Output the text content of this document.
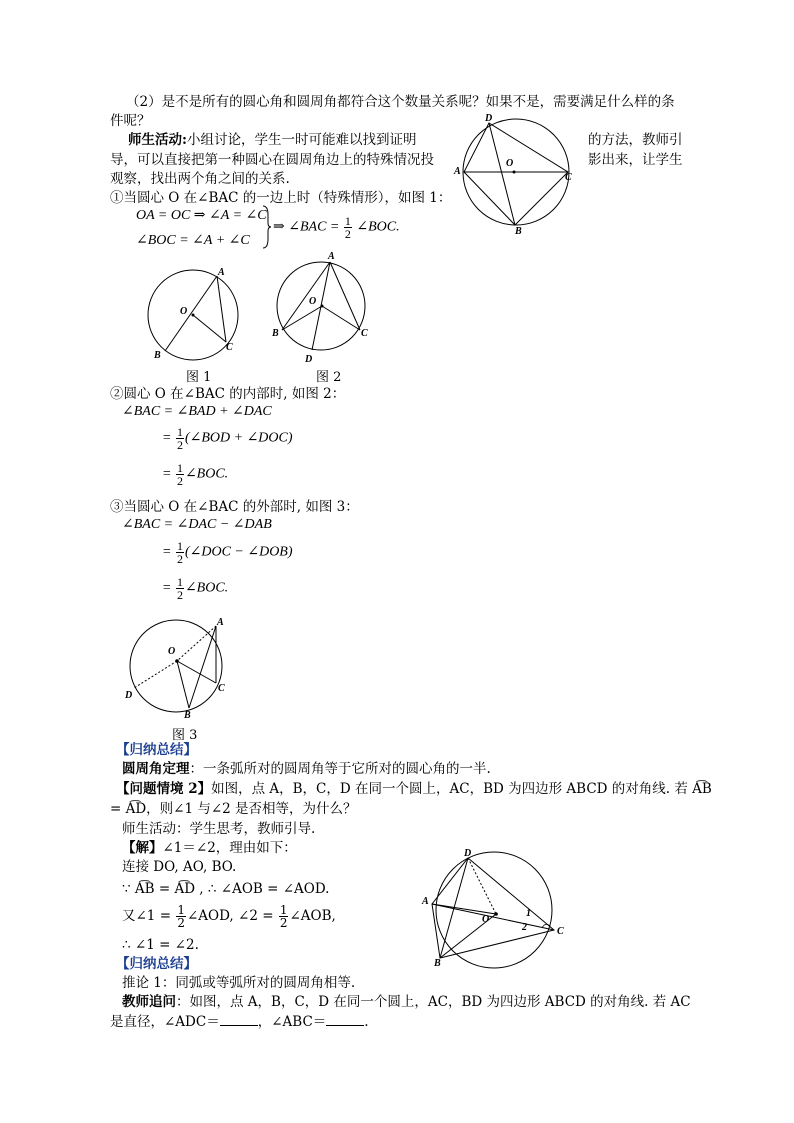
（2）是不是所有的圆心角和圆周角都符合这个数量关系呢？如果不是，需要满足什么样的条
件呢？
师生活动:小组讨论，学生一时可能难以找到证明	的方法，教师引
导，可以直接把第一种圆心在圆周角边上的特殊情况投	影出来，让学生
观察，找出两个角之间的关系.
D
A
C
B
O
①当圆心 O 在∠BAC 的一边上时（特殊情形），如图 1：
OA = OC ⇒ ∠A = ∠C
∠BOC = ∠A + ∠C
⇒ ∠BAC = $\frac{1}{2}$ ∠BOC.
A
O
C
B
图 1
A
O
B	C
D
图 2
②圆心 O 在∠BAC 的内部时, 如图 2：
∠BAC = ∠BAD + ∠DAC
= $\frac{1}{2}$ (∠BOD + ∠DOC)
= $\frac{1}{2}$ ∠BOC.
③当圆心 O 在∠BAC 的外部时, 如图 3：
∠BAC = ∠DAC − ∠DAB
= $\frac{1}{2}$ (∠DOC − ∠DOB)
= $\frac{1}{2}$ ∠BOC.
A
O
C
D
B
图 3
【归纳总结】
圆周角定理：一条弧所对的圆周角等于它所对的圆心角的一半.
【问题情境 2】如图，点 A，B，C，D 在同一个圆上，AC，BD 为四边形 ABCD 的对角线. 若 A͡B
= A͡D，则∠1 与∠2 是否相等，为什么？
师生活动：学生思考，教师引导.
【解】∠1＝∠2，理由如下：
连接 DO, AO, BO.
∵ A͡B = A͡D , ∴ ∠AOB = ∠AOD.
又∠1 = $\frac{1}{2}$ ∠AOD, ∠2 = $\frac{1}{2}$ ∠AOB,
∴ ∠1 = ∠2.
D
A
O
1
2	C
B
【归纳总结】
推论 1：同弧或等弧所对的圆周角相等.
教师追问：如图，点 A，B，C，D 在同一个圆上，AC，BD 为四边形 ABCD 的对角线. 若 AC
是直径，∠ADC＝	，∠ABC＝	.
